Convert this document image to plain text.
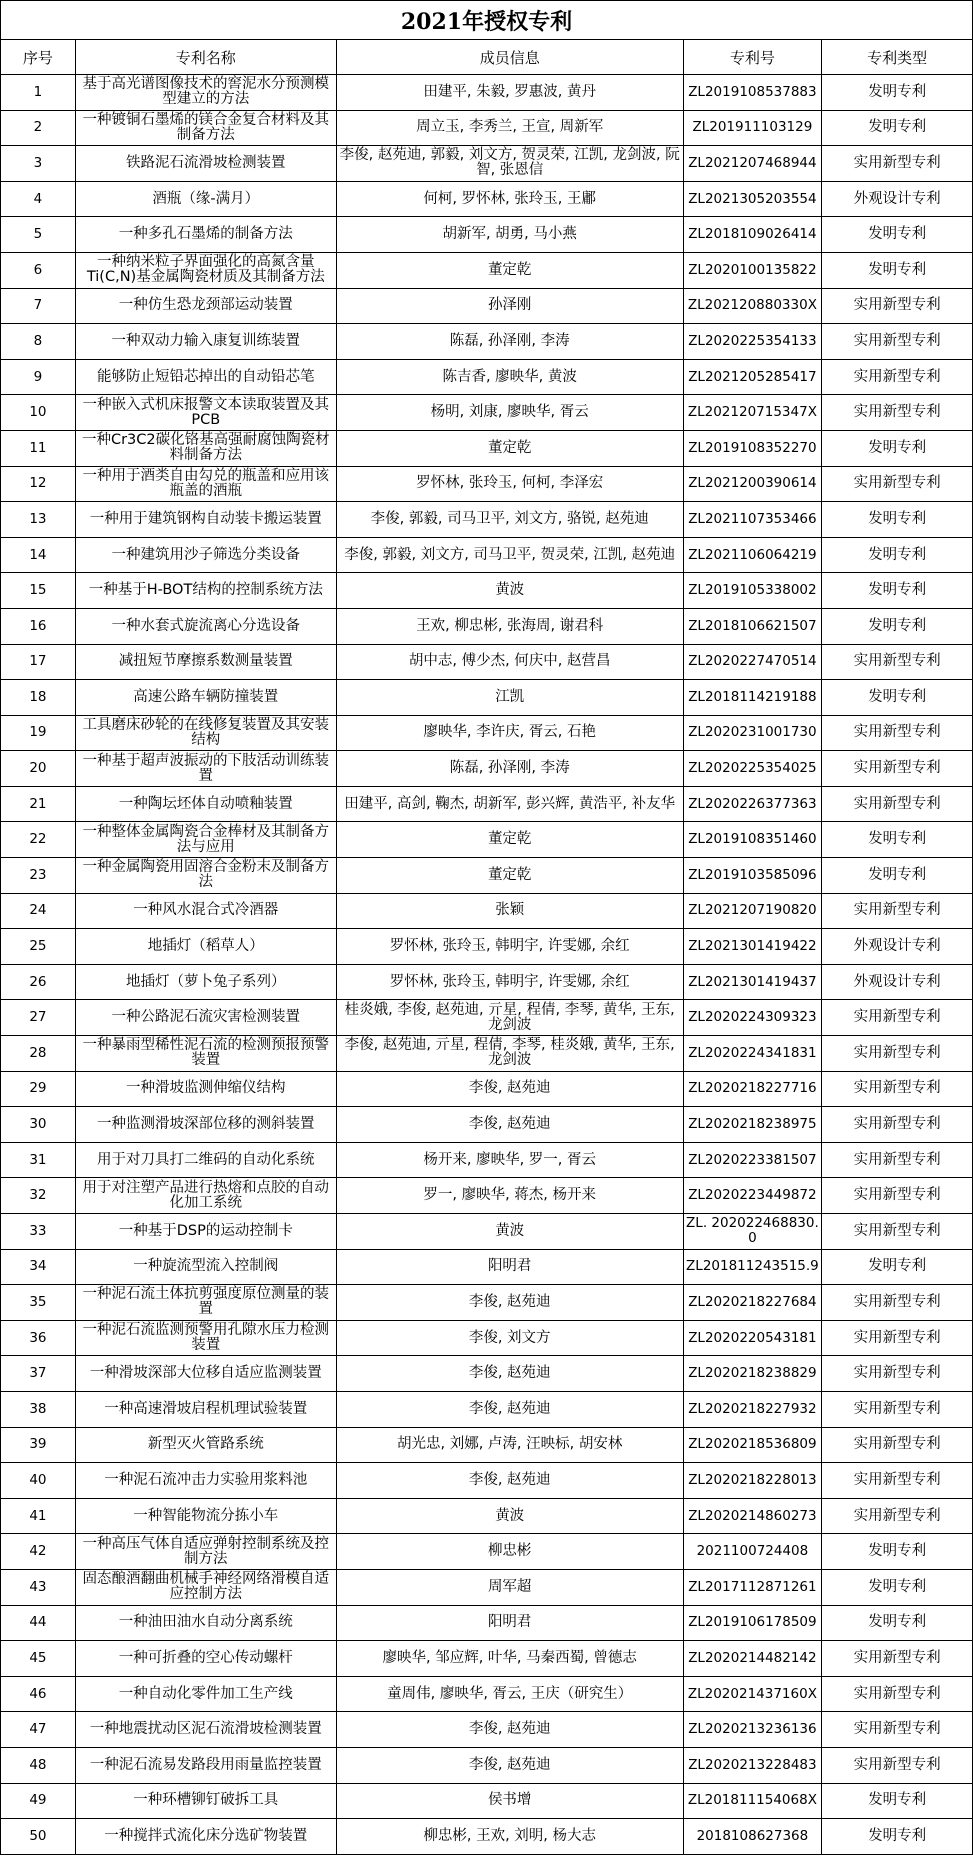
2021年授权专利				
序号	专利名称	成员信息	专利号	专利类型
1	基于高光谱图像技术的窖泥水分预测模型建立的方法	田建平, 朱毅, 罗惠波, 黄丹	ZL2019108537883	发明专利
2	一种镀铜石墨烯的镁合金复合材料及其制备方法	周立玉, 李秀兰, 王宣, 周新军	ZL201911103129	发明专利
3	铁路泥石流滑坡检测装置	李俊, 赵苑迪, 郭毅, 刘文方, 贺灵荣, 江凯, 龙剑波, 阮智, 张恩信	ZL2021207468944	实用新型专利
4	酒瓶（缘-满月）	何柯, 罗怀林, 张玲玉, 王鄘	ZL2021305203554	外观设计专利
5	一种多孔石墨烯的制备方法	胡新军, 胡勇, 马小燕	ZL2018109026414	发明专利
6	一种纳米粒子界面强化的高氮含量Ti(C,N)基金属陶瓷材质及其制备方法	董定乾	ZL2020100135822	发明专利
7	一种仿生恐龙颈部运动装置	孙泽刚	ZL202120880330X	实用新型专利
8	一种双动力输入康复训练装置	陈磊, 孙泽刚, 李涛	ZL2020225354133	实用新型专利
9	能够防止短铅芯掉出的自动铅芯笔	陈吉香, 廖映华, 黄波	ZL2021205285417	实用新型专利
10	一种嵌入式机床报警文本读取装置及其PCB	杨明, 刘康, 廖映华, 胥云	ZL202120715347X	实用新型专利
11	一种Cr3C2碳化铬基高强耐腐蚀陶瓷材料制备方法	董定乾	ZL2019108352270	发明专利
12	一种用于酒类自由勾兑的瓶盖和应用该瓶盖的酒瓶	罗怀林, 张玲玉, 何柯, 李泽宏	ZL2021200390614	实用新型专利
13	一种用于建筑钢构自动装卡搬运装置	李俊, 郭毅, 司马卫平, 刘文方, 骆锐, 赵苑迪	ZL2021107353466	发明专利
14	一种建筑用沙子筛选分类设备	李俊, 郭毅, 刘文方, 司马卫平, 贺灵荣, 江凯, 赵苑迪	ZL2021106064219	发明专利
15	一种基于H-BOT结构的控制系统方法	黄波	ZL2019105338002	发明专利
16	一种水套式旋流离心分选设备	王欢, 柳忠彬, 张海周, 谢君科	ZL2018106621507	发明专利
17	减扭短节摩擦系数测量装置	胡中志, 傅少杰, 何庆中, 赵营昌	ZL2020227470514	实用新型专利
18	高速公路车辆防撞装置	江凯	ZL2018114219188	发明专利
19	工具磨床砂轮的在线修复装置及其安装结构	廖映华, 李许庆, 胥云, 石艳	ZL2020231001730	实用新型专利
20	一种基于超声波振动的下肢活动训练装置	陈磊, 孙泽刚, 李涛	ZL2020225354025	实用新型专利
21	一种陶坛坯体自动喷釉装置	田建平, 高剑, 鞠杰, 胡新军, 彭兴辉, 黄浩平, 补友华	ZL2020226377363	实用新型专利
22	一种整体金属陶瓷合金棒材及其制备方法与应用	董定乾	ZL2019108351460	发明专利
23	一种金属陶瓷用固溶合金粉末及制备方法	董定乾	ZL2019103585096	发明专利
24	一种风水混合式冷酒器	张颖	ZL2021207190820	实用新型专利
25	地插灯（稻草人）	罗怀林, 张玲玉, 韩明宇, 许雯娜, 余红	ZL2021301419422	外观设计专利
26	地插灯（萝卜兔子系列）	罗怀林, 张玲玉, 韩明宇, 许雯娜, 余红	ZL2021301419437	外观设计专利
27	一种公路泥石流灾害检测装置	桂炎娥, 李俊, 赵苑迪, 亓星, 程倩, 李琴, 黄华, 王东, 龙剑波	ZL2020224309323	实用新型专利
28	一种暴雨型稀性泥石流的检测预报预警装置	李俊, 赵苑迪, 亓星, 程倩, 李琴, 桂炎娥, 黄华, 王东, 龙剑波	ZL2020224341831	实用新型专利
29	一种滑坡监测伸缩仪结构	李俊, 赵苑迪	ZL2020218227716	实用新型专利
30	一种监测滑坡深部位移的测斜装置	李俊, 赵苑迪	ZL2020218238975	实用新型专利
31	用于对刀具打二维码的自动化系统	杨开来, 廖映华, 罗一, 胥云	ZL2020223381507	实用新型专利
32	用于对注塑产品进行热熔和点胶的自动化加工系统	罗一, 廖映华, 蒋杰, 杨开来	ZL2020223449872	实用新型专利
33	一种基于DSP的运动控制卡	黄波	ZL. 202022468830. 0	实用新型专利
34	一种旋流型流入控制阀	阳明君	ZL201811243515.9	发明专利
35	一种泥石流土体抗剪强度原位测量的装置	李俊, 赵苑迪	ZL2020218227684	实用新型专利
36	一种泥石流监测预警用孔隙水压力检测装置	李俊, 刘文方	ZL2020220543181	实用新型专利
37	一种滑坡深部大位移自适应监测装置	李俊, 赵苑迪	ZL2020218238829	实用新型专利
38	一种高速滑坡启程机理试验装置	李俊, 赵苑迪	ZL2020218227932	实用新型专利
39	新型灭火管路系统	胡光忠, 刘娜, 卢涛, 汪映标, 胡安林	ZL2020218536809	实用新型专利
40	一种泥石流冲击力实验用浆料池	李俊, 赵苑迪	ZL2020218228013	实用新型专利
41	一种智能物流分拣小车	黄波	ZL2020214860273	实用新型专利
42	一种高压气体自适应弹射控制系统及控制方法	柳忠彬	2021100724408	发明专利
43	固态酿酒翻曲机械手神经网络滑模自适应控制方法	周军超	ZL2017112871261	发明专利
44	一种油田油水自动分离系统	阳明君	ZL2019106178509	发明专利
45	一种可折叠的空心传动螺杆	廖映华, 邹应辉, 叶华, 马秦西蜀, 曾德志	ZL2020214482142	实用新型专利
46	一种自动化零件加工生产线	童周伟, 廖映华, 胥云, 王庆（研究生）	ZL202021437160X	实用新型专利
47	一种地震扰动区泥石流滑坡检测装置	李俊, 赵苑迪	ZL2020213236136	实用新型专利
48	一种泥石流易发路段用雨量监控装置	李俊, 赵苑迪	ZL2020213228483	实用新型专利
49	一种环槽铆钉破拆工具	侯书增	ZL201811154068X	发明专利
50	一种搅拌式流化床分选矿物装置	柳忠彬, 王欢, 刘明, 杨大志	2018108627368	发明专利
